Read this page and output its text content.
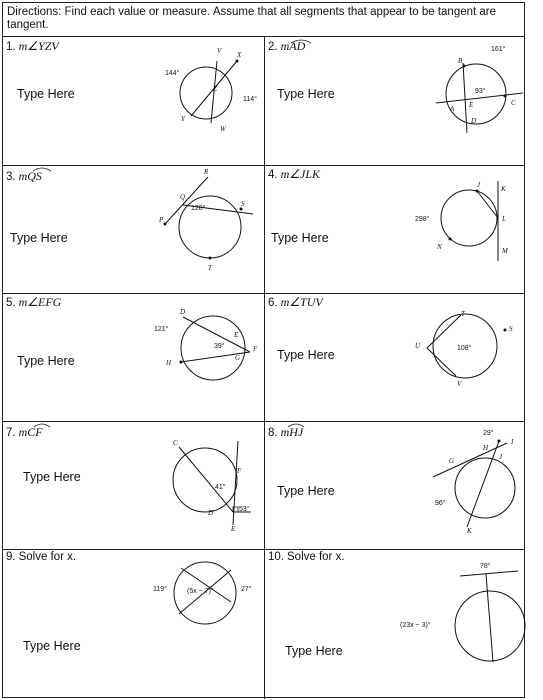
Directions: Find each value or measure. Assume that all segments that appear to be tangent are tangent.
1. m∠YZV
Type Here
144°
114°
V X
Z
Y
W
2. mAD
Type Here
161°
93°
B
A E
D
C
3. mQS
Type Here
R
Q
S
P
T
128°
4. m∠JLK
Type Here
298°
J	K
L
M
N
5. m∠EFG
Type Here
121°
39°
D
E
F
G
H
6. m∠TUV
Type Here
T
S
U
V
108°
7. mCF
Type Here
C
F
D
E
41°
53°
8. mHJ
Type Here
29°
H
I
G	J
96°
K
9. Solve for x.
Type Here
119°	(5x − 7)°	27°
10. Solve for x.
Type Here
78°
(23x − 3)°
